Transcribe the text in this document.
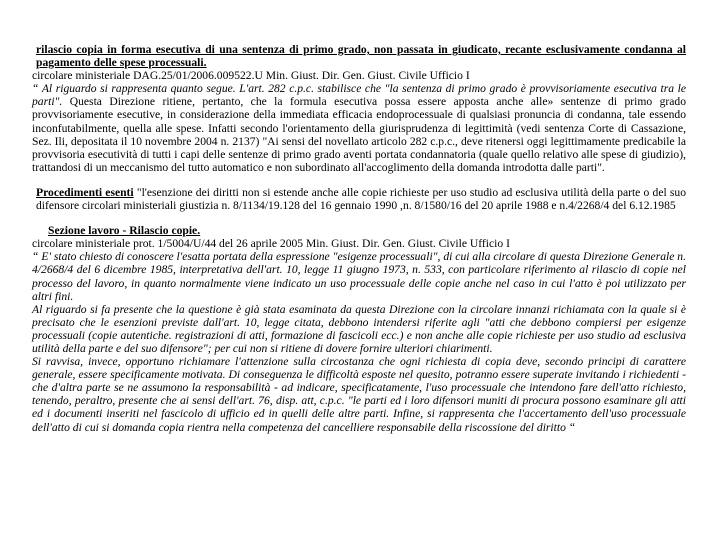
rilascio copia in forma esecutiva di una sentenza di primo grado, non passata in giudicato, recante esclusivamente condanna al pagamento delle spese processuali.

circolare ministeriale DAG.25/01/2006.009522.U Min. Giust. Dir. Gen. Giust. Civile Ufficio I

“ Al riguardo si rappresenta quanto segue. L'art. 282 c.p.c. stabilisce che "la sentenza di primo grado è provvisoriamente esecutiva tra le parti". Questa Direzione ritiene, pertanto, che la formula esecutiva possa essere apposta anche alle» sentenze di primo grado provvisoriamente esecutive, in considerazione della immediata efficacia endoprocessuale di qualsiasi pronuncia di condanna, tale essendo inconfutabilmente, quella alle spese. Infatti secondo l'orientamento della giurisprudenza di legittimità (vedi sentenza Corte di Cassazione, Sez. Ili, depositata il 10 novembre 2004 n. 2137) "Ai sensi del novellato articolo 282 c.p.c., deve ritenersi oggi legittimamente predicabile la provvisoria esecutività di tutti i capi delle sentenze di primo grado aventi portata condannatoria (quale quello relativo alle spese di giudizio), trattandosi di un meccanismo del tutto automatico e non subordinato all'accoglimento della domanda introdotta dalle parti".

Procedimenti esenti "l'esenzione dei diritti non si estende anche alle copie richieste per uso studio ad esclusiva utilità della parte o del suo difensore circolari ministeriali giustizia n. 8/1134/19.128 del 16 gennaio 1990 ,n. 8/1580/16 del 20 aprile 1988 e n.4/2268/4 del 6.12.1985

Sezione lavoro - Rilascio copie.

circolare ministeriale prot. 1/5004/U/44 del 26 aprile 2005 Min. Giust. Dir. Gen. Giust. Civile Ufficio I

“ E' stato chiesto di conoscere l'esatta portata della espressione "esigenze processuali", di cui alla circolare di questa Direzione Generale n. 4/2668/4 del 6 dicembre 1985, interpretativa dell'art. 10, legge 11 giugno 1973, n. 533, con particolare riferimento al rilascio di copie nel processo del lavoro, in quanto normalmente viene indicato un uso processuale delle copie anche nel caso in cui l'atto è poi utilizzato per altri fini.

Al riguardo si fa presente che la questione è già stata esaminata da questa Direzione con la circolare innanzi richiamata con la quale si è precisato che le esenzioni previste dall'art. 10, legge citata, debbono intendersi riferite agli "atti che debbono compiersi per esigenze processuali (copie autentiche. registrazioni di atti, formazione di fascicoli ecc.) e non anche alle copie richieste per uso studio ad esclusiva utilità della parte e del suo difensore"; per cui non si ritiene di dovere fornire ulteriori chiarimenti.

Si ravvisa, invece, opportuno richiamare l'attenzione sulla circostanza che ogni richiesta di copia deve, secondo principi di carattere generale, essere specificamente motivata. Di conseguenza le difficoltà esposte nel quesito, potranno essere superate invitando i richiedenti - che d'altra parte se ne assumono la responsabilità - ad indicare, specificatamente, l'uso processuale che intendono fare dell'atto richiesto, tenendo, peraltro, presente che ai sensi dell'art. 76, disp. att, c.p.c. "le parti ed i loro difensori muniti di procura possono esaminare gli atti ed i documenti inseriti nel fascicolo di ufficio ed in quelli delle altre parti. Infine, si rappresenta che l'accertamento dell'uso processuale dell'atto di cui si domanda copia rientra nella competenza del cancelliere responsabile della riscossione del diritto “
